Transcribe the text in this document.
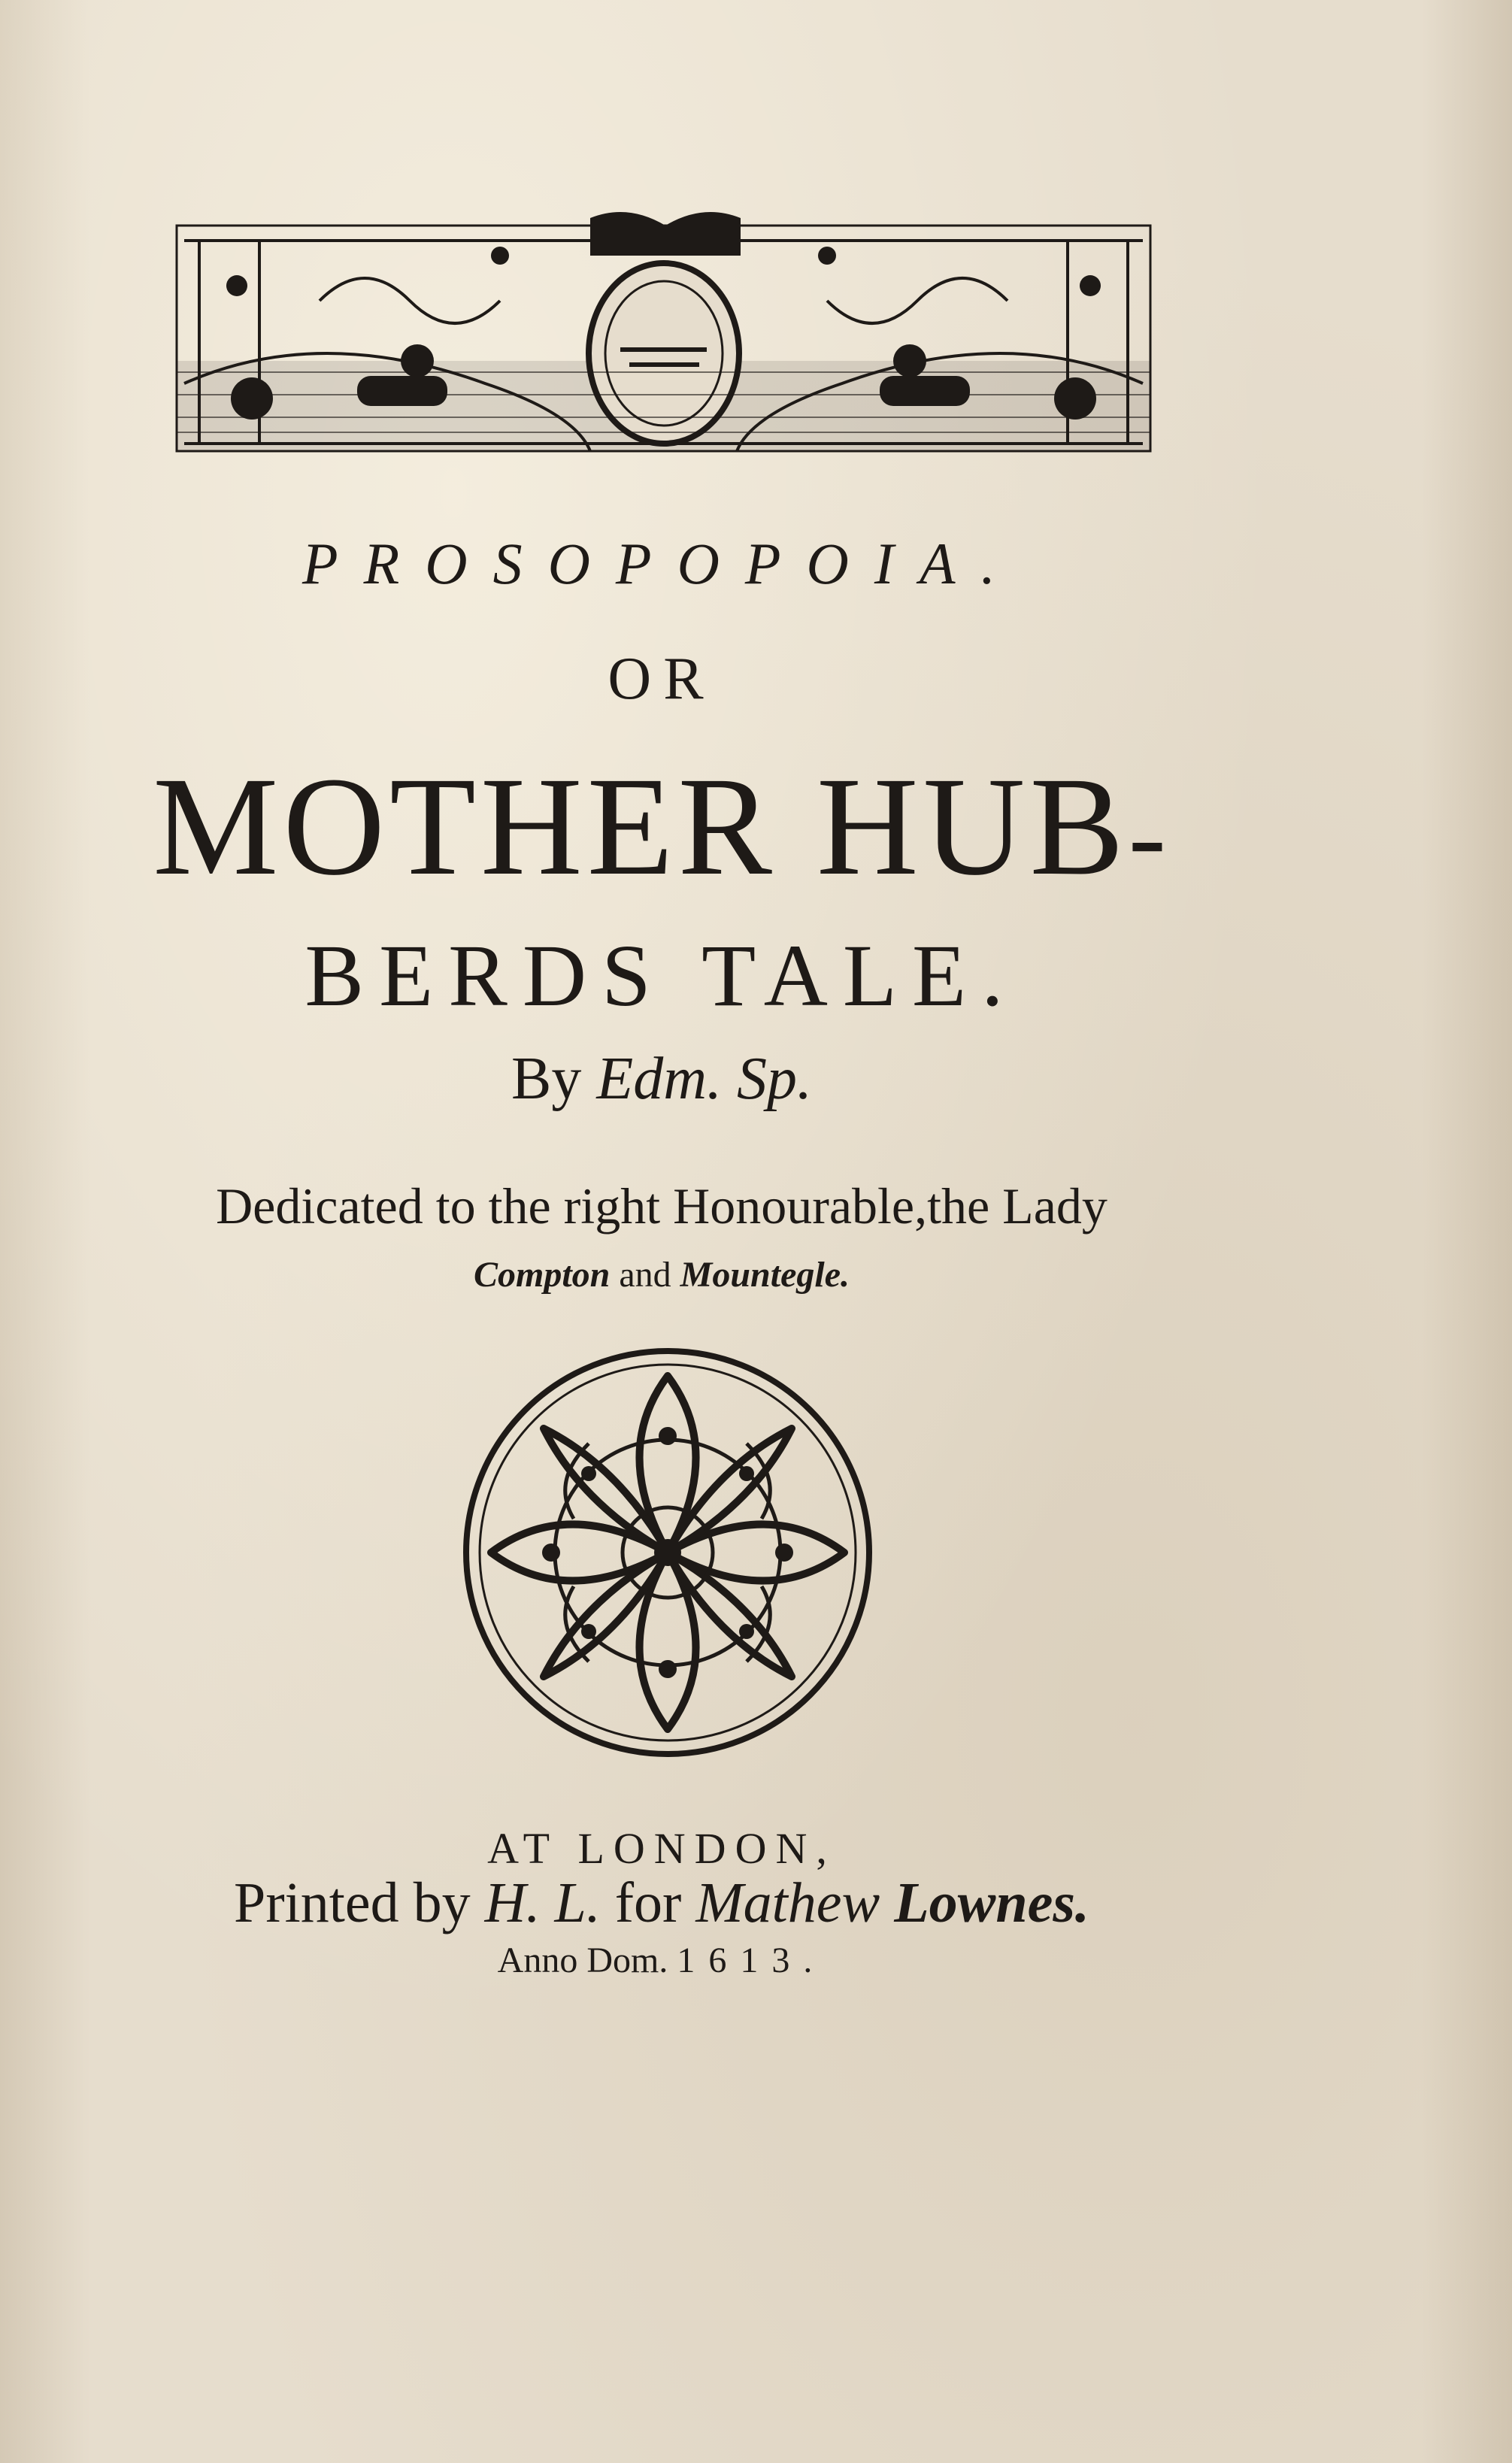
PROSOPOPOIA.
OR
MOTHER HUB-
BERDS TALE.
By Edm. Sp.
Dedicated to the right Honourable,the Lady
Compton and Mountegle.
AT LONDON,
Printed by H. L. for Mathew Lownes.
Anno Dom. 1613.
